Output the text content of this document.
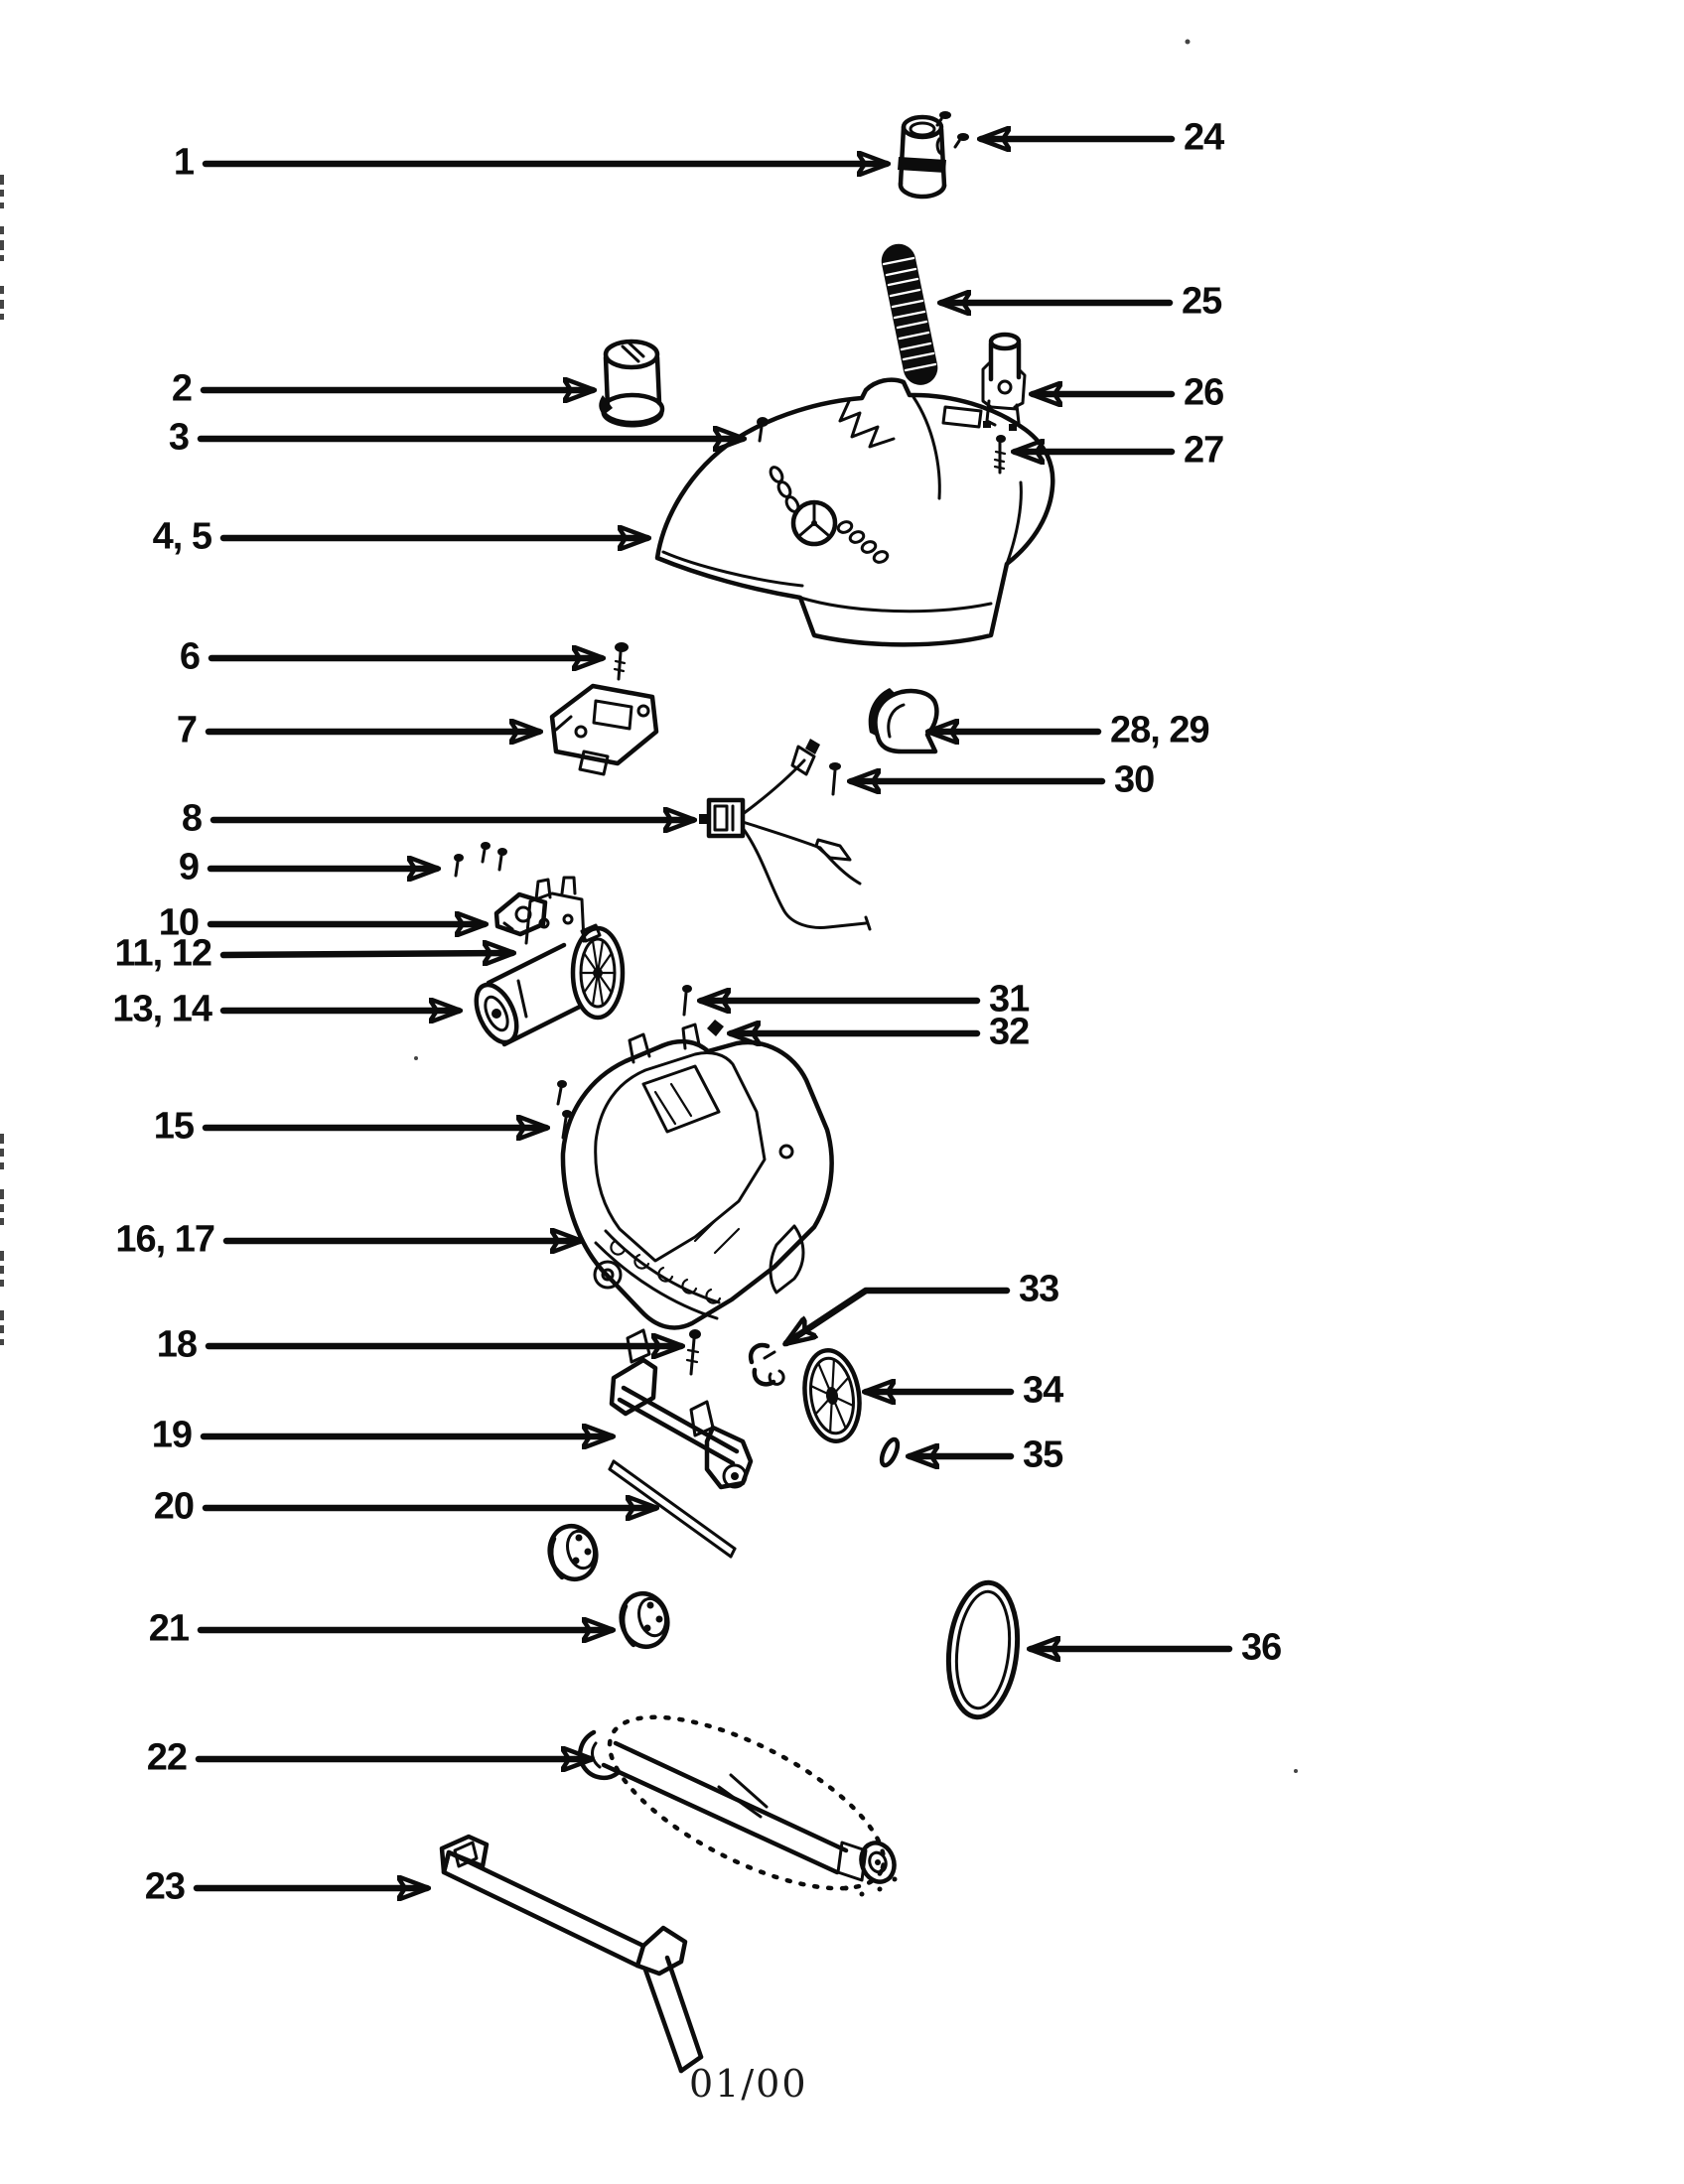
1
2
3
4, 5
6
7
8
9
10
11, 12
13, 14
15
16, 17
18
19
20
21
22
23
24
25
26
27
28, 29
30
31
32
33
34
35
36
01/00
